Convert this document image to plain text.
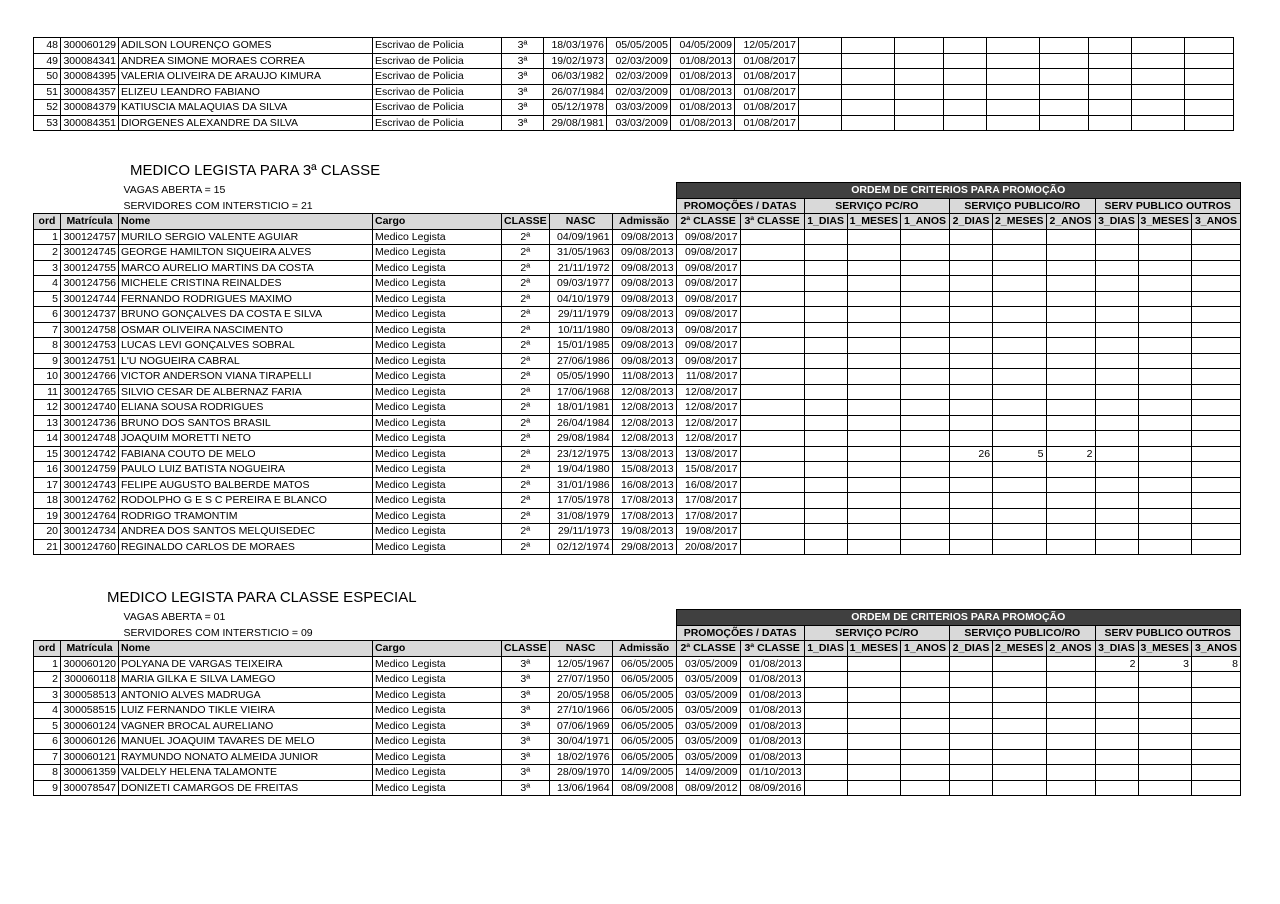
48	300060129	ADILSON LOURENÇO GOMES	Escrivao de Policia	3ª	18/03/1976	05/05/2005	04/05/2009	12/05/2017									
49	300084341	ANDREA SIMONE MORAES CORREA	Escrivao de Policia	3ª	19/02/1973	02/03/2009	01/08/2013	01/08/2017									
50	300084395	VALERIA OLIVEIRA DE ARAUJO KIMURA	Escrivao de Policia	3ª	06/03/1982	02/03/2009	01/08/2013	01/08/2017									
51	300084357	ELIZEU LEANDRO FABIANO	Escrivao de Policia	3ª	26/07/1984	02/03/2009	01/08/2013	01/08/2017									
52	300084379	KATIUSCIA MALAQUIAS DA SILVA	Escrivao de Policia	3ª	05/12/1978	03/03/2009	01/08/2013	01/08/2017									
53	300084351	DIORGENES ALEXANDRE DA SILVA	Escrivao de Policia	3ª	29/08/1981	03/03/2009	01/08/2013	01/08/2017									
MEDICO LEGISTA PARA 3ª CLASSE
VAGAS ABERTA = 15							ORDEM DE CRITERIOS PARA PROMOÇÃO										
SERVIDORES COM INTERSTICIO = 21							PROMOÇÕES / DATAS		SERVIÇO PC/RO			SERVIÇO PUBLICO/RO			SERV PUBLICO OUTROS		
ord	Matrícula	Nome	Cargo	CLASSE	NASC	Admissão	2ª CLASSE	3ª CLASSE	1_DIAS	1_MESES	1_ANOS	2_DIAS	2_MESES	2_ANOS	3_DIAS	3_MESES	3_ANOS
1	300124757	MURILO SERGIO VALENTE AGUIAR	Medico Legista	2ª	04/09/1961	09/08/2013	09/08/2017										
2	300124745	GEORGE HAMILTON SIQUEIRA ALVES	Medico Legista	2ª	31/05/1963	09/08/2013	09/08/2017										
3	300124755	MARCO AURELIO MARTINS DA COSTA	Medico Legista	2ª	21/11/1972	09/08/2013	09/08/2017										
4	300124756	MICHELE CRISTINA REINALDES	Medico Legista	2ª	09/03/1977	09/08/2013	09/08/2017										
5	300124744	FERNANDO RODRIGUES MAXIMO	Medico Legista	2ª	04/10/1979	09/08/2013	09/08/2017										
6	300124737	BRUNO GONÇALVES DA COSTA E SILVA	Medico Legista	2ª	29/11/1979	09/08/2013	09/08/2017										
7	300124758	OSMAR OLIVEIRA NASCIMENTO	Medico Legista	2ª	10/11/1980	09/08/2013	09/08/2017										
8	300124753	LUCAS LEVI GONÇALVES SOBRAL	Medico Legista	2ª	15/01/1985	09/08/2013	09/08/2017										
9	300124751	L'U NOGUEIRA CABRAL	Medico Legista	2ª	27/06/1986	09/08/2013	09/08/2017										
10	300124766	VICTOR ANDERSON VIANA TIRAPELLI	Medico Legista	2ª	05/05/1990	11/08/2013	11/08/2017										
11	300124765	SILVIO CESAR DE ALBERNAZ FARIA	Medico Legista	2ª	17/06/1968	12/08/2013	12/08/2017										
12	300124740	ELIANA SOUSA RODRIGUES	Medico Legista	2ª	18/01/1981	12/08/2013	12/08/2017										
13	300124736	BRUNO DOS SANTOS BRASIL	Medico Legista	2ª	26/04/1984	12/08/2013	12/08/2017										
14	300124748	JOAQUIM MORETTI NETO	Medico Legista	2ª	29/08/1984	12/08/2013	12/08/2017										
15	300124742	FABIANA COUTO DE MELO	Medico Legista	2ª	23/12/1975	13/08/2013	13/08/2017					26	5	2			
16	300124759	PAULO LUIZ BATISTA NOGUEIRA	Medico Legista	2ª	19/04/1980	15/08/2013	15/08/2017										
17	300124743	FELIPE AUGUSTO BALBERDE MATOS	Medico Legista	2ª	31/01/1986	16/08/2013	16/08/2017										
18	300124762	RODOLPHO G E S C PEREIRA E BLANCO	Medico Legista	2ª	17/05/1978	17/08/2013	17/08/2017										
19	300124764	RODRIGO TRAMONTIM	Medico Legista	2ª	31/08/1979	17/08/2013	17/08/2017										
20	300124734	ANDREA DOS SANTOS MELQUISEDEC	Medico Legista	2ª	29/11/1973	19/08/2013	19/08/2017										
21	300124760	REGINALDO CARLOS DE MORAES	Medico Legista	2ª	02/12/1974	29/08/2013	20/08/2017										
MEDICO LEGISTA PARA CLASSE ESPECIAL
VAGAS ABERTA = 01							ORDEM DE CRITERIOS PARA PROMOÇÃO										
SERVIDORES COM INTERSTICIO = 09							PROMOÇÕES / DATAS		SERVIÇO PC/RO			SERVIÇO PUBLICO/RO			SERV PUBLICO OUTROS		
ord	Matrícula	Nome	Cargo	CLASSE	NASC	Admissão	2ª CLASSE	3ª CLASSE	1_DIAS	1_MESES	1_ANOS	2_DIAS	2_MESES	2_ANOS	3_DIAS	3_MESES	3_ANOS
1	300060120	POLYANA DE VARGAS TEIXEIRA	Medico Legista	3ª	12/05/1967	06/05/2005	03/05/2009	01/08/2013							2	3	8
2	300060118	MARIA GILKA E SILVA LAMEGO	Medico Legista	3ª	27/07/1950	06/05/2005	03/05/2009	01/08/2013									
3	300058513	ANTONIO ALVES MADRUGA	Medico Legista	3ª	20/05/1958	06/05/2005	03/05/2009	01/08/2013									
4	300058515	LUIZ FERNANDO TIKLE VIEIRA	Medico Legista	3ª	27/10/1966	06/05/2005	03/05/2009	01/08/2013									
5	300060124	VAGNER BROCAL AURELIANO	Medico Legista	3ª	07/06/1969	06/05/2005	03/05/2009	01/08/2013									
6	300060126	MANUEL JOAQUIM TAVARES DE MELO	Medico Legista	3ª	30/04/1971	06/05/2005	03/05/2009	01/08/2013									
7	300060121	RAYMUNDO NONATO ALMEIDA JUNIOR	Medico Legista	3ª	18/02/1976	06/05/2005	03/05/2009	01/08/2013									
8	300061359	VALDELY HELENA TALAMONTE	Medico Legista	3ª	28/09/1970	14/09/2005	14/09/2009	01/10/2013									
9	300078547	DONIZETI CAMARGOS DE FREITAS	Medico Legista	3ª	13/06/1964	08/09/2008	08/09/2012	08/09/2016									
